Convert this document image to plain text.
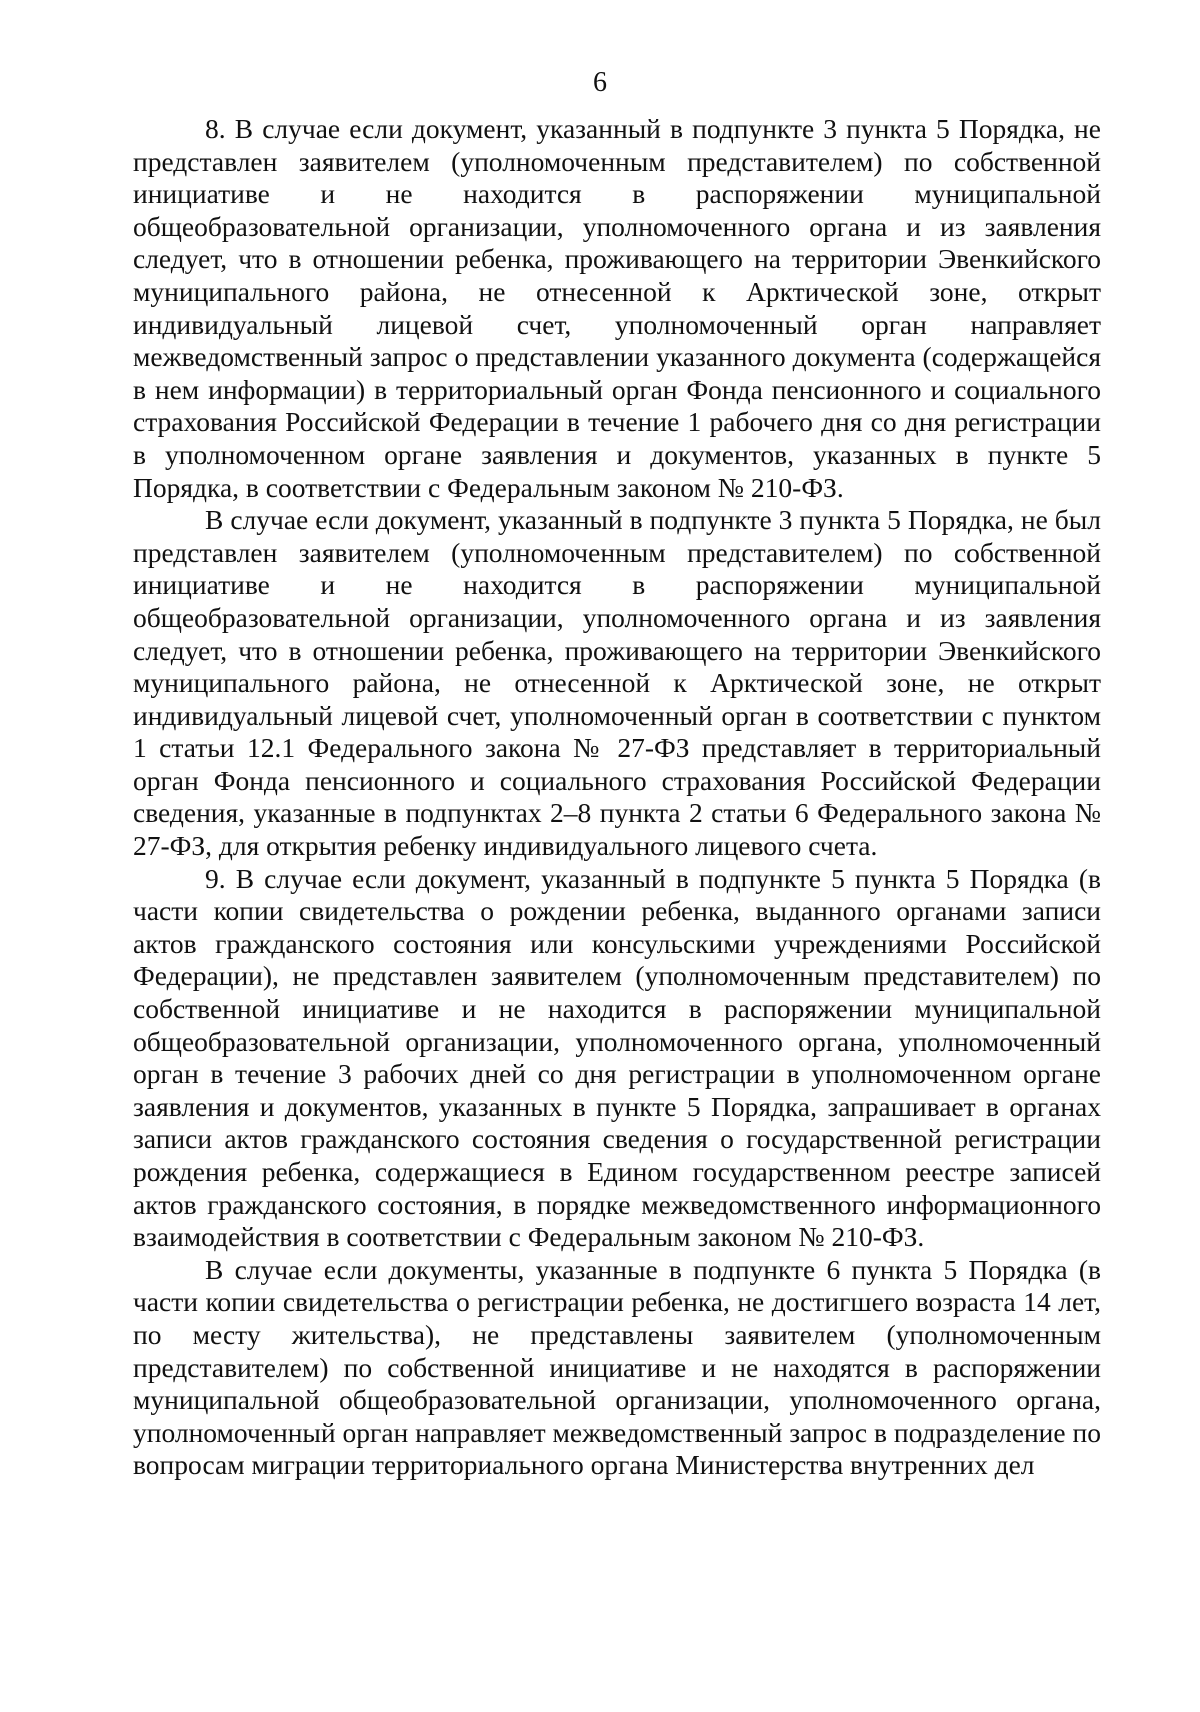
6

8. В случае если документ, указанный в подпункте 3 пункта 5 Порядка, не представлен заявителем (уполномоченным представителем) по собственной инициативе и не находится в распоряжении муниципальной общеобразовательной организации, уполномоченного органа и из заявления следует, что в отношении ребенка, проживающего на территории Эвенкийского муниципального района, не отнесенной к Арктической зоне, открыт индивидуальный лицевой счет, уполномоченный орган направляет межведомственный запрос о представлении указанного документа (содержащейся в нем информации) в территориальный орган Фонда пенсионного и социального страхования Российской Федерации в течение 1 рабочего дня со дня регистрации в уполномоченном органе заявления и документов, указанных в пункте 5 Порядка, в соответствии с Федеральным законом № 210-ФЗ.

В случае если документ, указанный в подпункте 3 пункта 5 Порядка, не был представлен заявителем (уполномоченным представителем) по собственной инициативе и не находится в распоряжении муниципальной общеобразовательной организации, уполномоченного органа и из заявления следует, что в отношении ребенка, проживающего на территории Эвенкийского муниципального района, не отнесенной к Арктической зоне, не открыт индивидуальный лицевой счет, уполномоченный орган в соответствии с пунктом 1 статьи 12.1 Федерального закона № 27-ФЗ представляет в территориальный орган Фонда пенсионного и социального страхования Российской Федерации сведения, указанные в подпунктах 2–8 пункта 2 статьи 6 Федерального закона № 27-ФЗ, для открытия ребенку индивидуального лицевого счета.

9. В случае если документ, указанный в подпункте 5 пункта 5 Порядка (в части копии свидетельства о рождении ребенка, выданного органами записи актов гражданского состояния или консульскими учреждениями Российской Федерации), не представлен заявителем (уполномоченным представителем) по собственной инициативе и не находится в распоряжении муниципальной общеобразовательной организации, уполномоченного органа, уполномоченный орган в течение 3 рабочих дней со дня регистрации в уполномоченном органе заявления и документов, указанных в пункте 5 Порядка, запрашивает в органах записи актов гражданского состояния сведения о государственной регистрации рождения ребенка, содержащиеся в Едином государственном реестре записей актов гражданского состояния, в порядке межведомственного информационного взаимодействия в соответствии с Федеральным законом № 210-ФЗ.

В случае если документы, указанные в подпункте 6 пункта 5 Порядка (в части копии свидетельства о регистрации ребенка, не достигшего возраста 14 лет, по месту жительства), не представлены заявителем (уполномоченным представителем) по собственной инициативе и не находятся в распоряжении муниципальной общеобразовательной организации, уполномоченного органа, уполномоченный орган направляет межведомственный запрос в подразделение по вопросам миграции территориального органа Министерства внутренних дел
